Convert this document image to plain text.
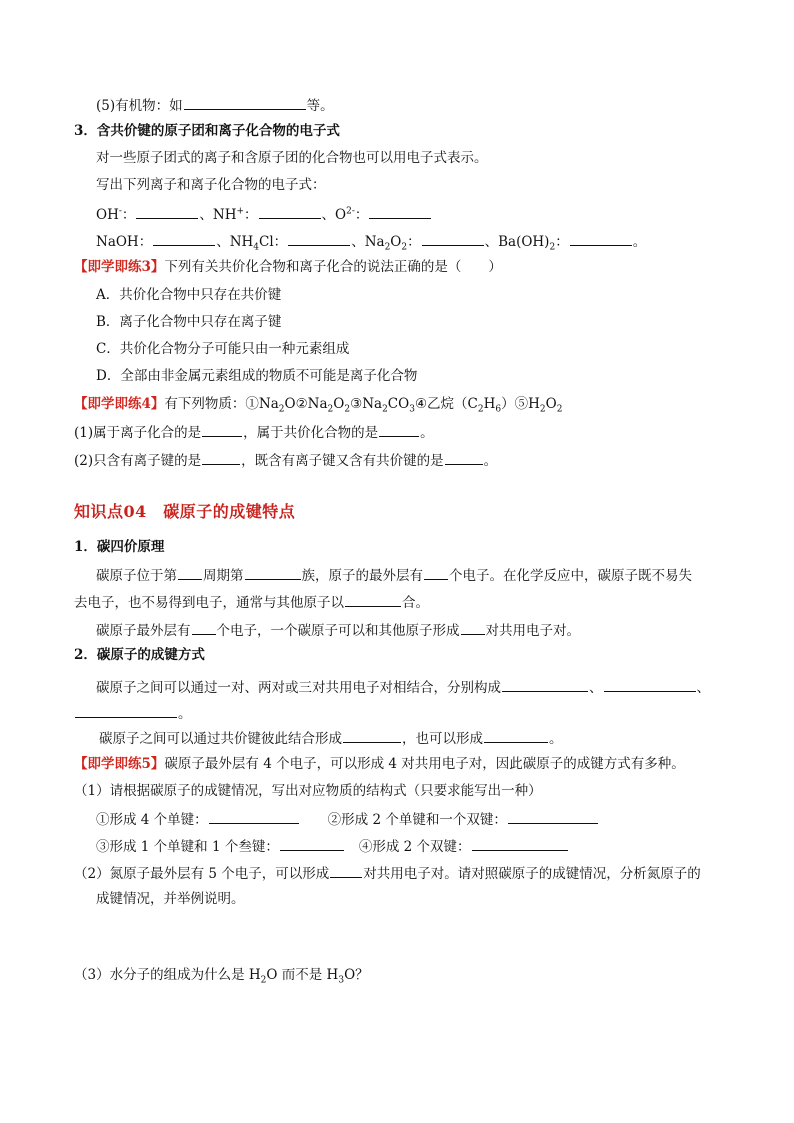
(5)有机物：如	等。
3．含共价键的原子团和离子化合物的电子式
对一些原子团式的离子和含原子团的化合物也可以用电子式表示。
写出下列离子和离子化合物的电子式：
OH-：	、NH+：	、$O^{2-}$：
NaOH：	、$NH_4Cl$：	、$Na_2O_2$：	、$Ba(OH)_2$：	。
【即学即练3】下列有关共价化合物和离子化合的说法正确的是（　　）
A．共价化合物中只存在共价键
B．离子化合物中只存在离子键
C．共价化合物分子可能只由一种元素组成
D．全部由非金属元素组成的物质不可能是离子化合物
【即学即练4】有下列物质：$①Na_2O②Na_2O_2③Na_2CO_3④$乙烷$(C_2H_6)⑤H_2O_2$
(1)属于离子化合的是	，属于共价化合物的是	。
(2)只含有离子键的是	，既含有离子键又含有共价键的是	。
知识点04　碳原子的成键特点
1．碳四价原理
碳原子位于第 周期第	族，原子的最外层有 个电子。在化学反应中，碳原子既不易失
去电子，也不易得到电子，通常与其他原子以	合。
碳原子最外层有 个电子，一个碳原子可以和其他原子形成 对共用电子对。
2．碳原子的成键方式
碳原子之间可以通过一对、两对或三对共用电子对相结合，分别构成	、	、
。
碳原子之间可以通过共价键彼此结合形成	，也可以形成	。
【即学即练5】碳原子最外层有 4 个电子，可以形成 4 对共用电子对，因此碳原子的成键方式有多种。
（1）请根据碳原子的成键情况，写出对应物质的结构式（只要求能写出一种）
①形成 4 个单键：	②形成 2 个单键和一个双键：
③形成 1 个单键和 1 个叁键：	④形成 2 个双键：
（2）氮原子最外层有 5 个电子，可以形成	对共用电子对。请对照碳原子的成键情况，分析氮原子的
成键情况，并举例说明。
（3）水分子的组成为什么是 $H_2O$ 而不是 $H_3O$？
